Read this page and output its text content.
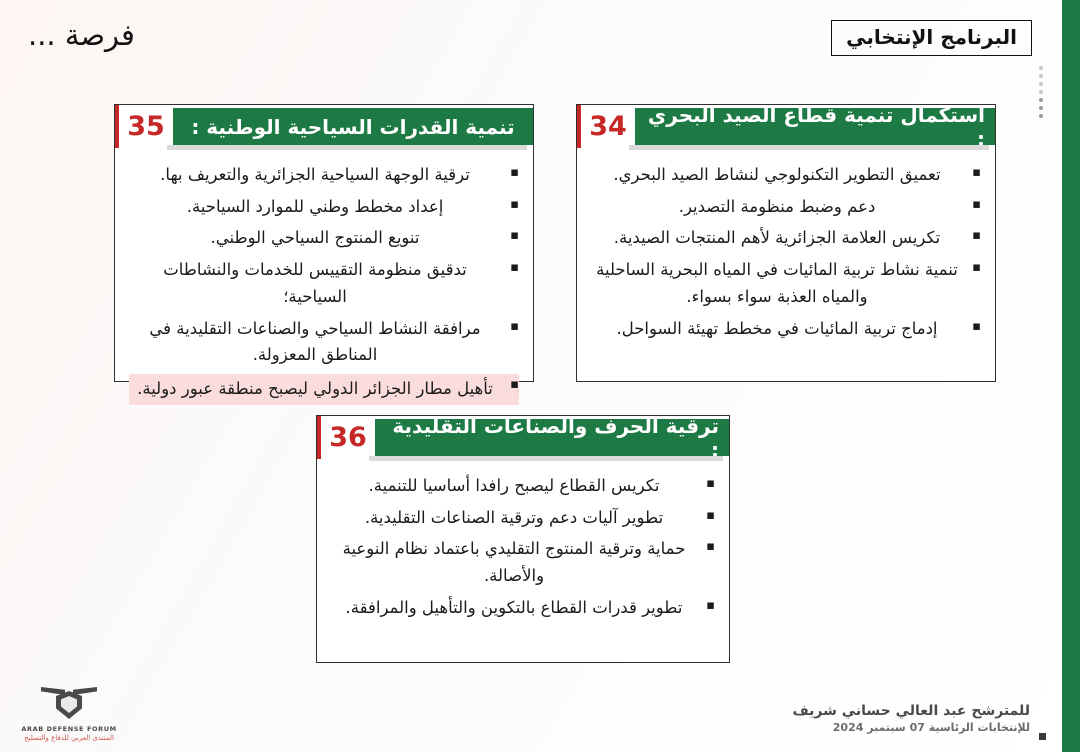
البرنامج الإنتخابي
فرصة ...
استكمال تنمية قطاع الصيد البحري :
34
▪ تعميق التطوير التكنولوجي لنشاط الصيد البحري.
▪ دعم وضبط منظومة التصدير.
▪ تكريس العلامة الجزائرية لأهم المنتجات الصيدية.
▪ تنمية نشاط تربية المائيات في المياه البحرية الساحلية والمياه العذبة سواء بسواء.
▪ إدماج تربية المائيات في مخطط تهيئة السواحل.
تنمية القدرات السياحية الوطنية :
35
▪ ترقية الوجهة السياحية الجزائرية والتعريف بها.
▪ إعداد مخطط وطني للموارد السياحية.
▪ تنويع المنتوج السياحي الوطني.
▪ تدقيق منظومة التقييس للخدمات والنشاطات السياحية؛
▪ مرافقة النشاط السياحي والصناعات التقليدية في المناطق المعزولة.
▪ تأهيل مطار الجزائر الدولي ليصبح منطقة عبور دولية.
ترقية الحرف والصناعات التقليدية :
36
▪ تكريس القطاع ليصبح رافدا أساسيا للتنمية.
▪ تطوير آليات دعم وترقية الصناعات التقليدية.
▪ حماية وترقية المنتوج التقليدي باعتماد نظام النوعية والأصالة.
▪ تطوير قدرات القطاع بالتكوين والتأهيل والمرافقة.
للمترشح عبد العالي حساني شريف
للإنتخابات الرئاسية 07 سبتمبر 2024
ARAB DEFENSE FORUM
المنتدى العربي للدفاع والتسليح
